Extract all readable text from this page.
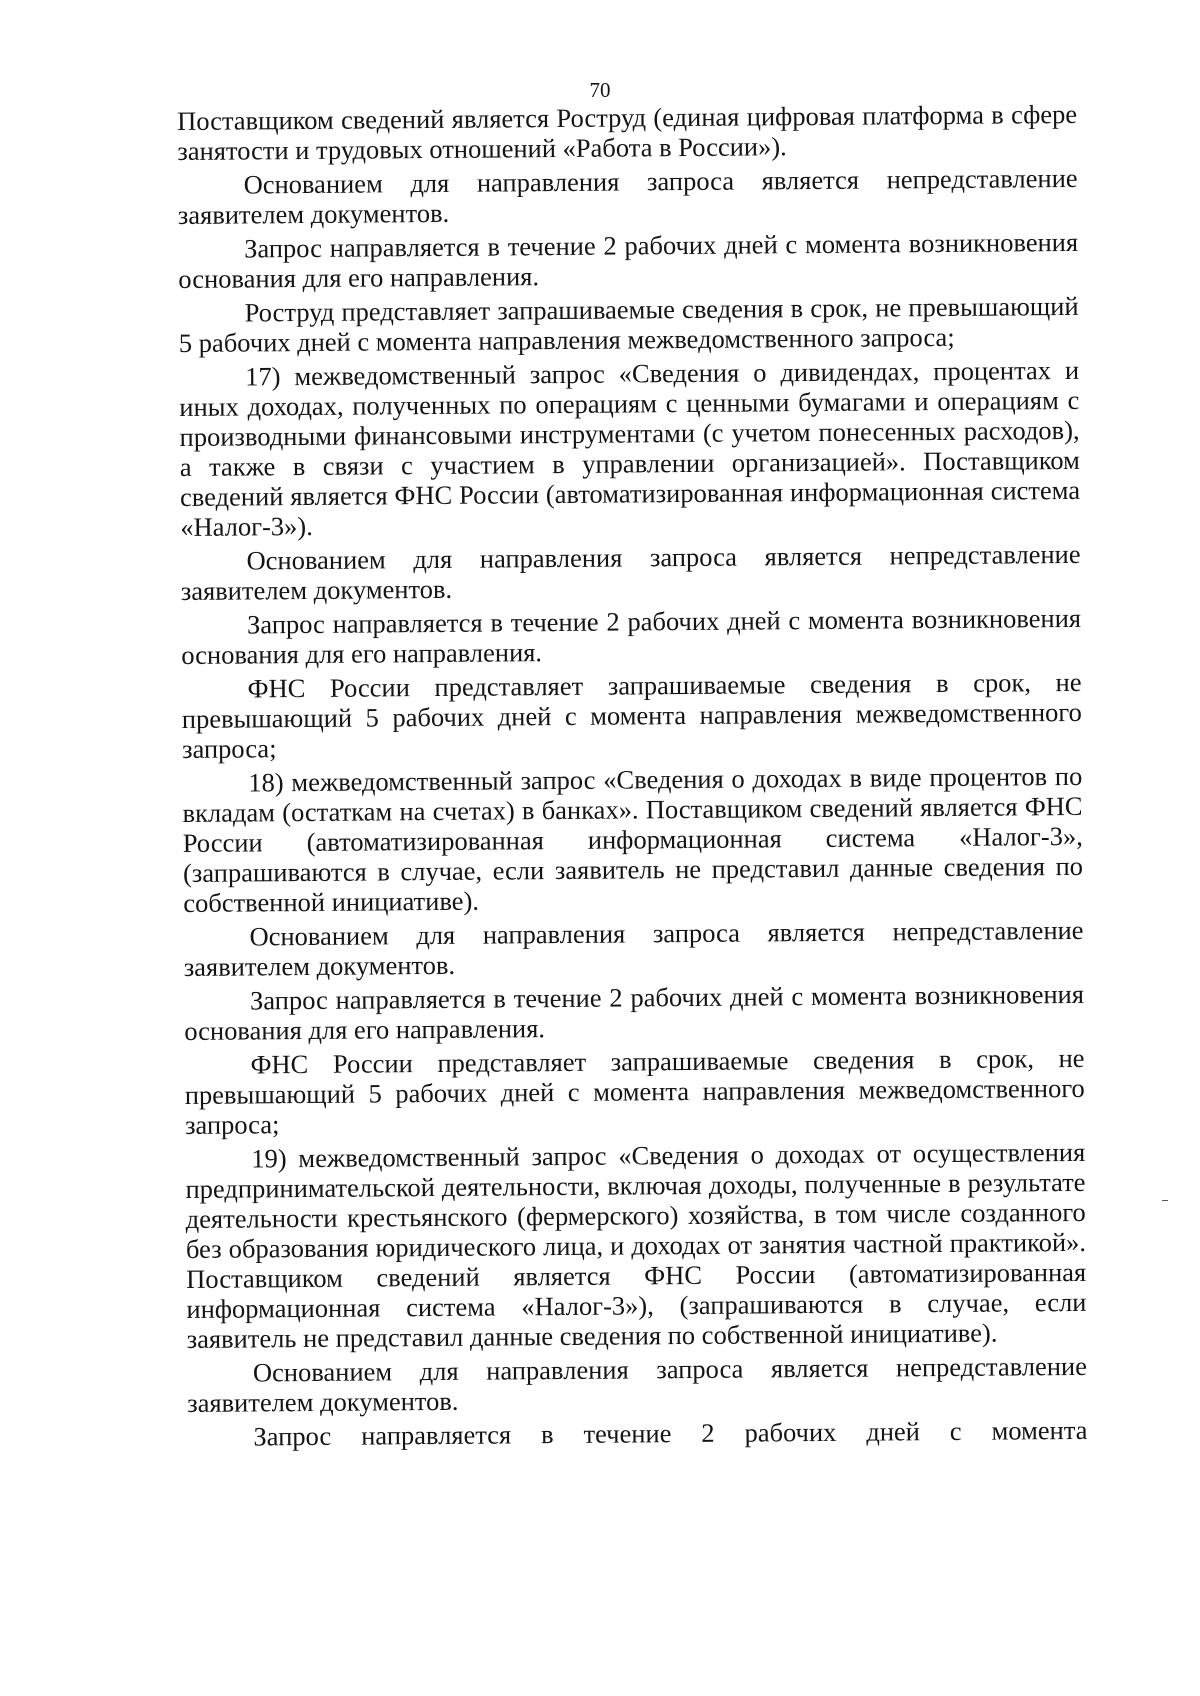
70

Поставщиком сведений является Роструд (единая цифровая платформа в сфере занятости и трудовых отношений «Работа в России»).

Основанием для направления запроса является непредставление заявителем документов.

Запрос направляется в течение 2 рабочих дней с момента возникновения основания для его направления.

Роструд представляет запрашиваемые сведения в срок, не превышающий 5 рабочих дней с момента направления межведомственного запроса;

17) межведомственный запрос «Сведения о дивидендах, процентах и иных доходах, полученных по операциям с ценными бумагами и операциям с производными финансовыми инструментами (с учетом понесенных расходов), а также в связи с участием в управлении организацией». Поставщиком сведений является ФНС России (автоматизированная информационная система «Налог-3»).

Основанием для направления запроса является непредставление заявителем документов.

Запрос направляется в течение 2 рабочих дней с момента возникновения основания для его направления.

ФНС России представляет запрашиваемые сведения в срок, не превышающий 5 рабочих дней с момента направления межведомственного запроса;

18) межведомственный запрос «Сведения о доходах в виде процентов по вкладам (остаткам на счетах) в банках». Поставщиком сведений является ФНС России (автоматизированная информационная система «Налог-3», (запрашиваются в случае, если заявитель не представил данные сведения по собственной инициативе).

Основанием для направления запроса является непредставление заявителем документов.

Запрос направляется в течение 2 рабочих дней с момента возникновения основания для его направления.

ФНС России представляет запрашиваемые сведения в срок, не превышающий 5 рабочих дней с момента направления межведомственного запроса;

19) межведомственный запрос «Сведения о доходах от осуществления предпринимательской деятельности, включая доходы, полученные в результате деятельности крестьянского (фермерского) хозяйства, в том числе созданного без образования юридического лица, и доходах от занятия частной практикой». Поставщиком сведений является ФНС России (автоматизированная информационная система «Налог-3»), (запрашиваются в случае, если заявитель не представил данные сведения по собственной инициативе).

Основанием для направления запроса является непредставление заявителем документов.

Запрос направляется в течение 2 рабочих дней с момента
